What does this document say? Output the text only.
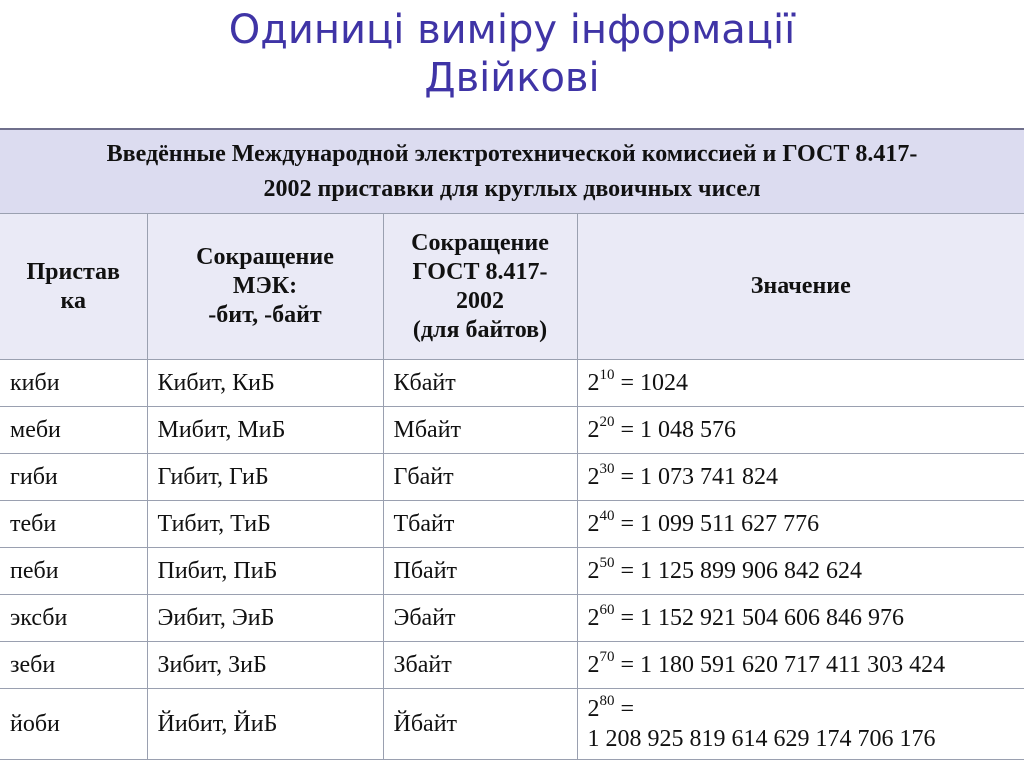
Одиниці виміру інформації
Двійкові
Введённые Международной электротехнической комиссией и ГОСТ 8.417-
2002 приставки для круглых двоичных чисел			

Пристав
ка	Сокращение
МЭК:
-бит, -байт	Сокращение
ГОСТ 8.417-
2002
(для байтов)	Значение
киби	Кибит, КиБ	Кбайт	$2^{10} = 1024$
меби	Мибит, МиБ	Мбайт	$2^{20} = 1$ 048 576
гиби	Гибит, ГиБ	Гбайт	$2^{30} = 1$ 073 741 824
теби	Тибит, ТиБ	Тбайт	$2^{40} = 1$ 099 511 627 776
пеби	Пибит, ПиБ	Пбайт	$2^{50} = 1$ 125 899 906 842 624
эксби	Эибит, ЭиБ	Эбайт	$2^{60} = 1$ 152 921 504 606 846 976
зеби	Зибит, ЗиБ	Збайт	$2^{70} = 1$ 180 591 620 717 411 303 424
йоби	Йибит, ЙиБ	Йбайт	$2^{80}$ =
1 208 925 819 614 629 174 706 176
